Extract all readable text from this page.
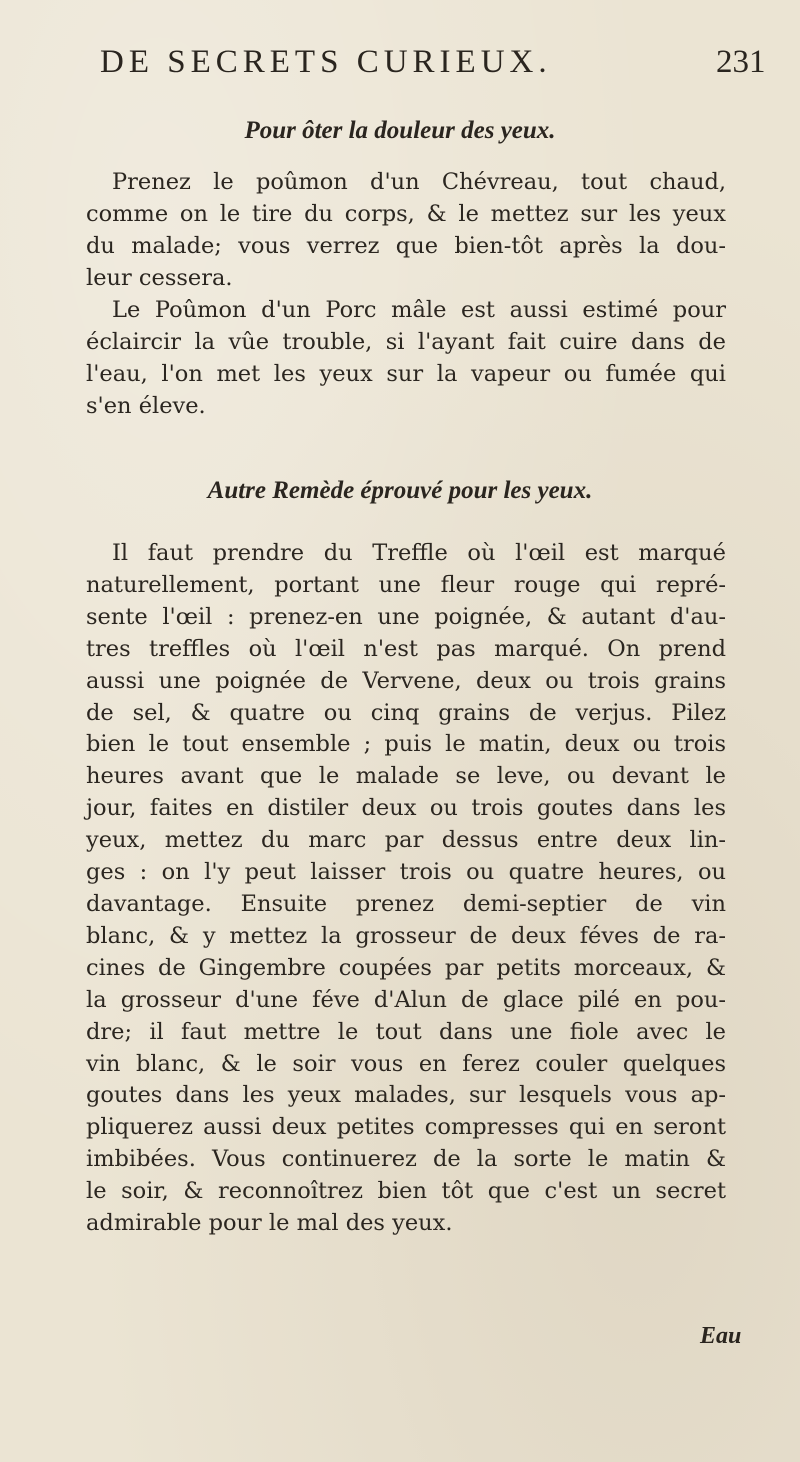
DE SECRETS CURIEUX.	231
Pour ôter la douleur des yeux.
Prenez le poûmon d'un Chévreau, tout chaud,
comme on le tire du corps, & le mettez sur les yeux
du malade; vous verrez que bien-tôt après la dou-
leur cessera.
Le Poûmon d'un Porc mâle est aussi estimé pour
éclaircir la vûe trouble, si l'ayant fait cuire dans de
l'eau, l'on met les yeux sur la vapeur ou fumée qui
s'en éleve.
Autre Remède éprouvé pour les yeux.
Il faut prendre du Treffle où l'œil est marqué
naturellement, portant une fleur rouge qui repré-
sente l'œil : prenez-en une poignée, & autant d'au-
tres treffles où l'œil n'est pas marqué. On prend
aussi une poignée de Vervene, deux ou trois grains
de sel, & quatre ou cinq grains de verjus. Pilez
bien le tout ensemble ; puis le matin, deux ou trois
heures avant que le malade se leve, ou devant le
jour, faites en distiler deux ou trois goutes dans les
yeux, mettez du marc par dessus entre deux lin-
ges : on l'y peut laisser trois ou quatre heures, ou
davantage. Ensuite prenez demi-septier de vin
blanc, & y mettez la grosseur de deux féves de ra-
cines de Gingembre coupées par petits morceaux, &
la grosseur d'une féve d'Alun de glace pilé en pou-
dre; il faut mettre le tout dans une fiole avec le
vin blanc, & le soir vous en ferez couler quelques
goutes dans les yeux malades, sur lesquels vous ap-
pliquerez aussi deux petites compresses qui en seront
imbibées. Vous continuerez de la sorte le matin &
le soir, & reconnoîtrez bien tôt que c'est un secret
admirable pour le mal des yeux.
Eau
